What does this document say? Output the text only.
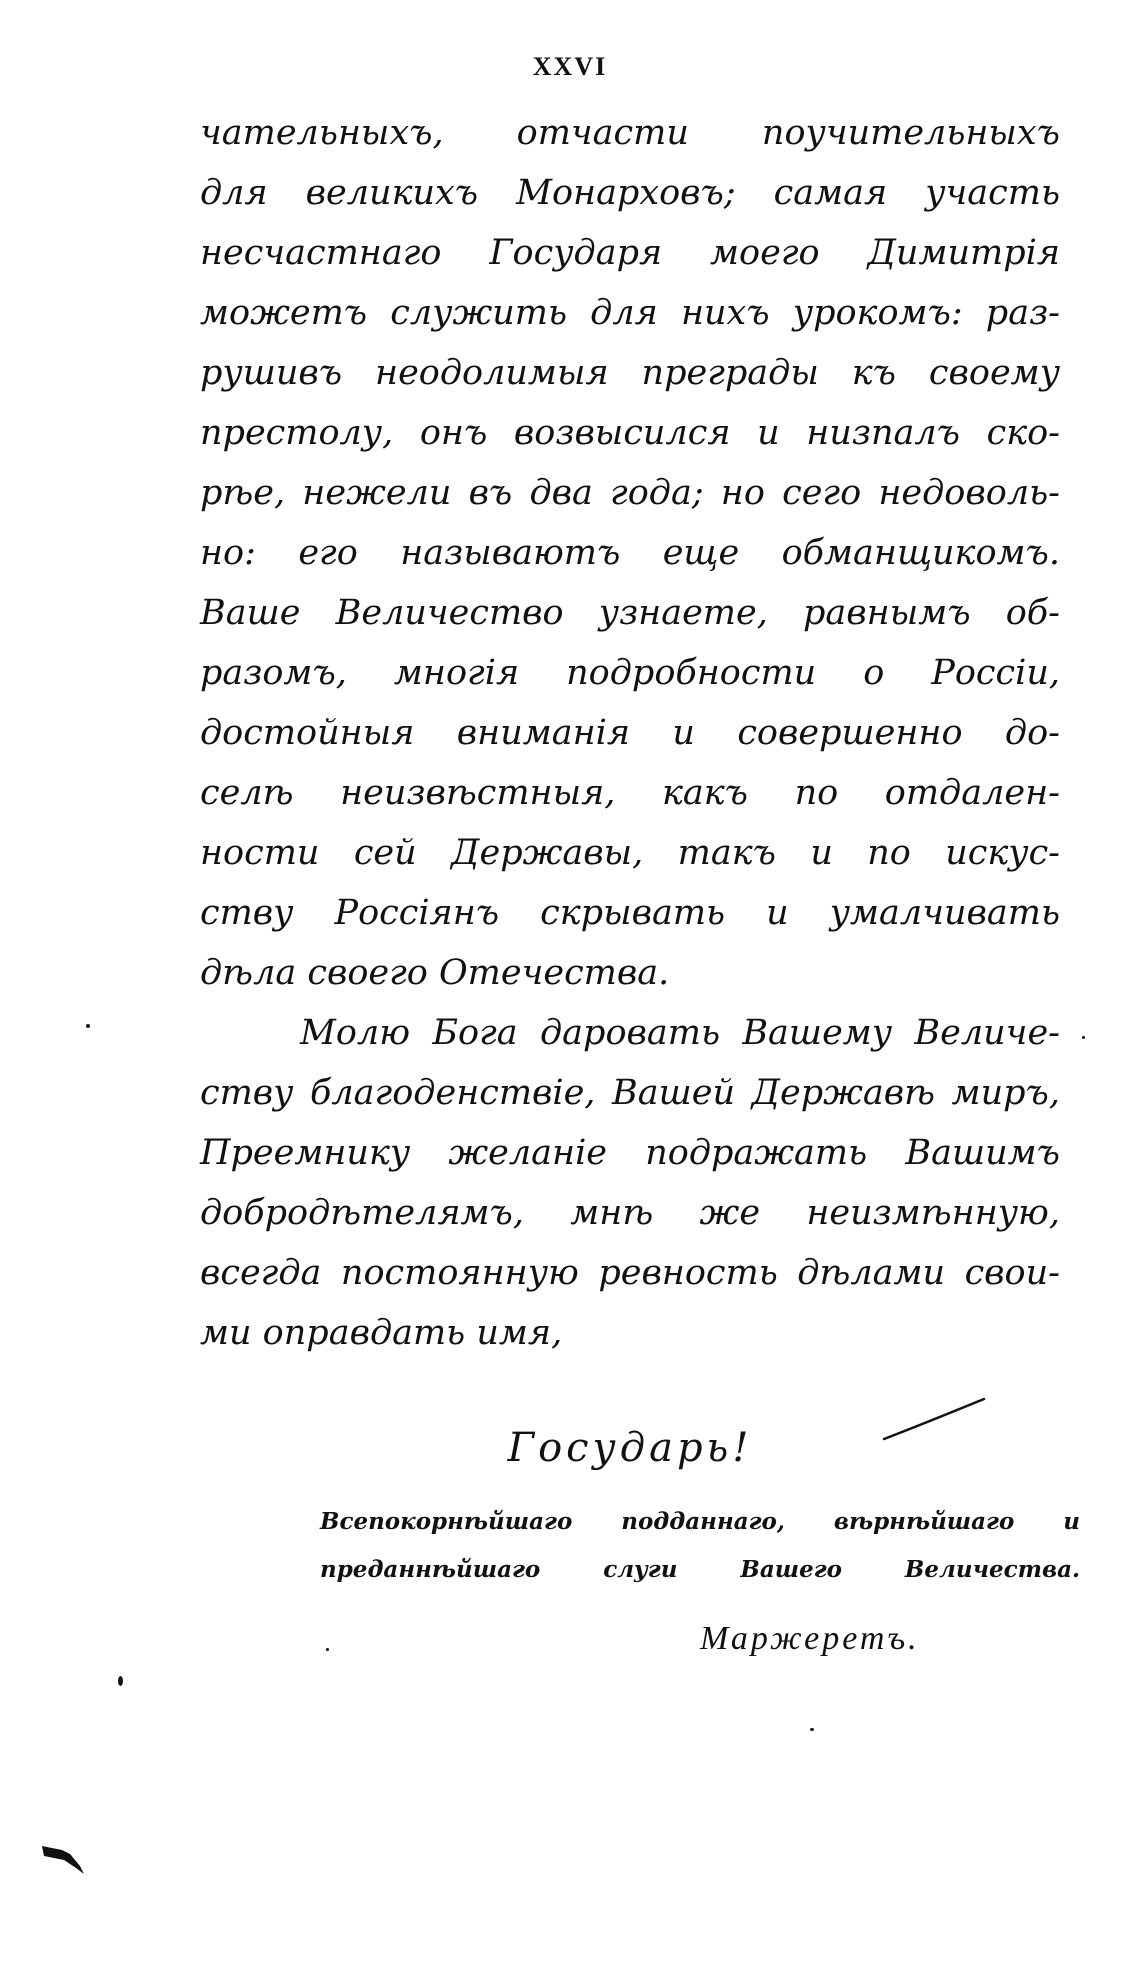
XXVI
чательныхъ, отчасти поучительныхъ
для великихъ Монарховъ; самая участь
несчастнаго Государя моего Димитрія
можетъ служить для нихъ урокомъ: раз-
рушивъ неодолимыя преграды къ своему
престолу, онъ возвысился и низпалъ ско-
рѣе, нежели въ два года; но сего недоволь-
но: его называютъ еще обманщикомъ.
Ваше Величество узнаете, равнымъ об-
разомъ, многія подробности о Россіи,
достойныя вниманія и совершенно до-
селѣ неизвѣстныя, какъ по отдален-
ности сей Державы, такъ и по искус-
ству Россіянъ скрывать и умалчивать
дѣла своего Отечества.
Молю Бога даровать Вашему Величе-
ству благоденствіе, Вашей Державѣ миръ,
Преемнику желаніе подражать Вашимъ
добродѣтелямъ, мнѣ же неизмѣнную,
всегда постоянную ревность дѣлами свои-
ми оправдать имя,
Государь!
Всепокорнѣйшаго подданнаго, вѣрнѣйшаго и
преданнѣйшаго слуги Вашего Величества.
Маржеретъ.
